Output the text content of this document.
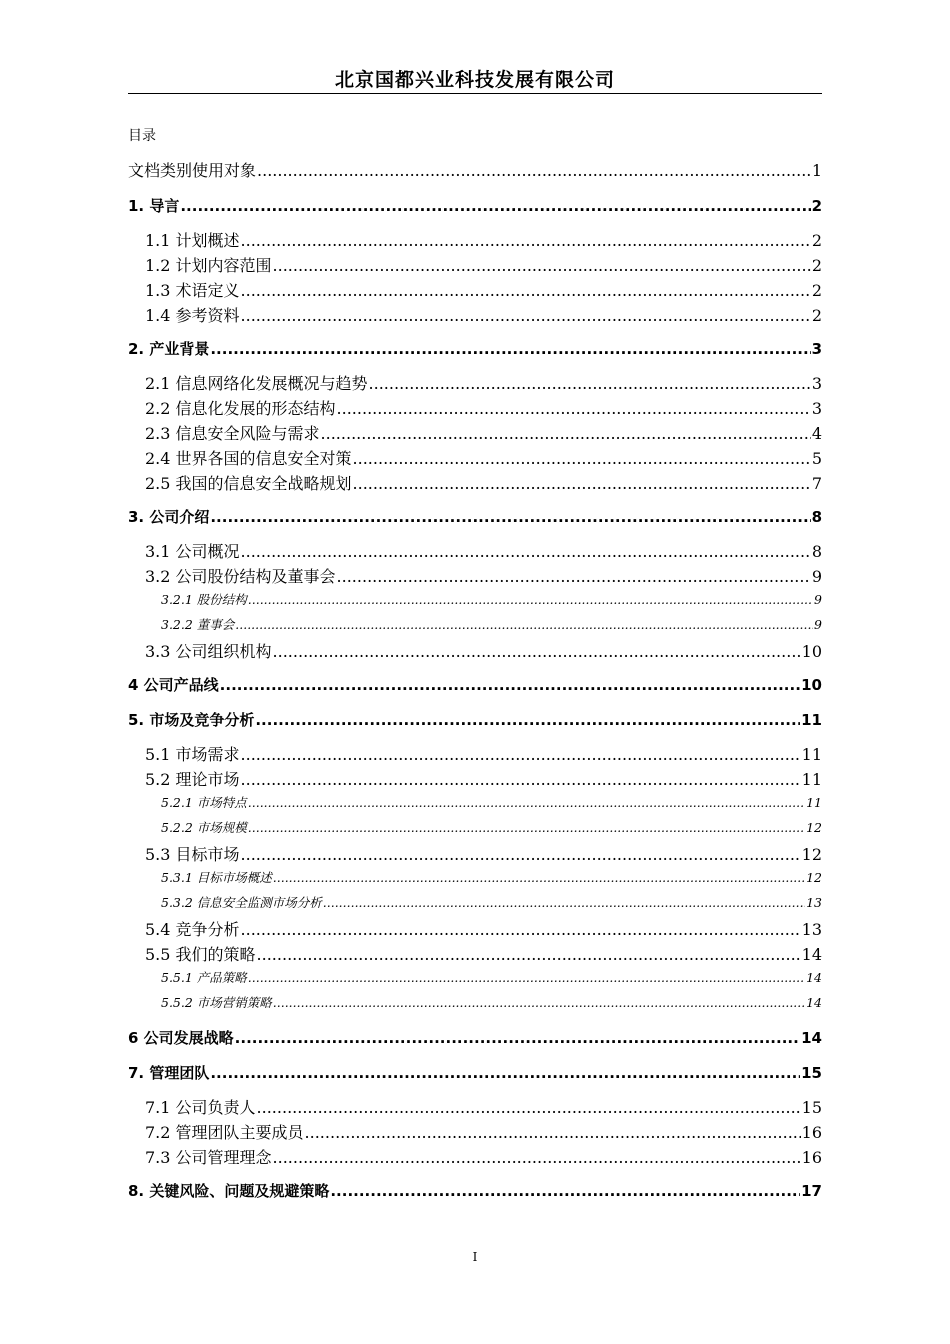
北京国都兴业科技发展有限公司
目录
文档类别使用对象 .....	1
1. 导言 .....	2
1.1 计划概述 .....	2
1.2 计划内容范围 .....	2
1.3 术语定义 .....	2
1.4 参考资料 .....	2
2. 产业背景 .....	3
2.1 信息网络化发展概况与趋势 .....	3
2.2 信息化发展的形态结构 .....	3
2.3 信息安全风险与需求 .....	4
2.4 世界各国的信息安全对策 .....	5
2.5 我国的信息安全战略规划 .....	7
3. 公司介绍 .....	8
3.1 公司概况 .....	8
3.2 公司股份结构及董事会 .....	9
3.2.1 股份结构 .....	9
3.2.2 董事会 .....	9
3.3 公司组织机构 .....	10
4 公司产品线 .....	10
5. 市场及竞争分析 .....	11
5.1 市场需求 .....	11
5.2 理论市场 .....	11
5.2.1 市场特点 .....	11
5.2.2 市场规模 .....	12
5.3 目标市场 .....	12
5.3.1 目标市场概述 .....	12
5.3.2 信息安全监测市场分析 .....	13
5.4 竞争分析 .....	13
5.5 我们的策略 .....	14
5.5.1 产品策略 .....	14
5.5.2 市场营销策略 .....	14
6 公司发展战略 .....	14
7. 管理团队 .....	15
7.1 公司负责人 .....	15
7.2 管理团队主要成员 .....	16
7.3 公司管理理念 .....	16
8. 关键风险、问题及规避策略 .....	17
I
